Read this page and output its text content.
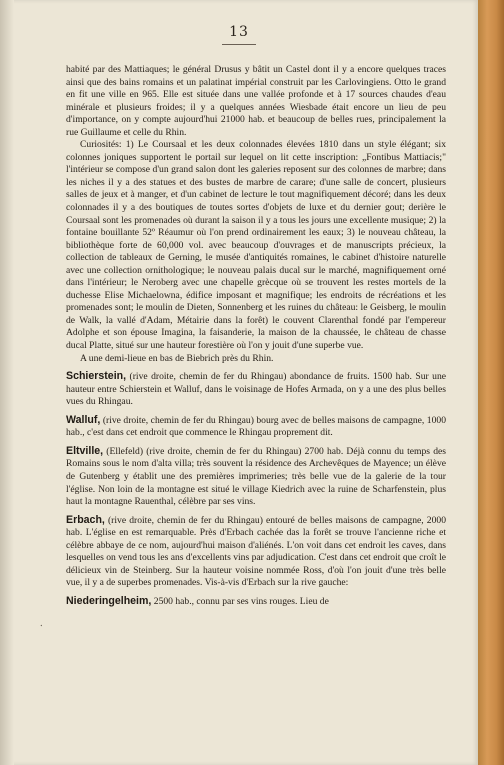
13

habité par des Mattiaques; le général Drusus y bâtit un Castel dont il y a encore quelques traces ainsi que des bains romains et un palatinat impérial construit par les Carlovingiens. Otto le grand en fit une ville en 965. Elle est située dans une vallée profonde et à 17 sources chaudes d'eau minérale et plusieurs froides; il y a quelques années Wiesbade était encore un lieu de peu d'importance, on y compte aujourd'hui 21000 hab. et beaucoup de belles rues, principalement la rue Guillaume et celle du Rhin.

Curiosités: 1) Le Coursaal et les deux colonnades élevées 1810 dans un style élégant; six colonnes joniques supportent le portail sur lequel on lit cette inscription: „Fontibus Mattiacis;" l'intérieur se compose d'un grand salon dont les galeries reposent sur des colonnes de marbre; dans les niches il y a des statues et des bustes de marbre de carare; d'une salle de concert, plusieurs salles de jeux et à manger, et d'un cabinet de lecture le tout magnifiquement décoré; dans les deux colonnades il y a des boutiques de toutes sortes d'objets de luxe et du dernier gout; derière le Coursaal sont les promenades où durant la saison il y a tous les jours une excellente musique; 2) la fontaine bouillante 52º Réaumur où l'on prend ordinairement les eaux; 3) le nouveau château, la bibliothèque forte de 60,000 vol. avec beaucoup d'ouvrages et de manuscripts précieux, la collection de tableaux de Gerning, le musée d'antiquités romaines, le cabinet d'histoire naturelle avec une collection ornithologique; le nouveau palais ducal sur le marché, magnifiquement orné dans l'intérieur; le Neroberg avec une chapelle grècque où se trouvent les restes mortels de la duchesse Elise Michaelowna, édifice imposant et magnifique; les endroits de récréations et les promenades sont; le moulin de Dieten, Sonnenberg et les ruines du château: le Geisberg, le moulin de Walk, la vallé d'Adam, Métairie dans la forêt) le couvent Clarenthal fondé par l'empereur Adolphe et son épouse Imagina, la faisanderie, la maison de la chaussée, le château de chasse ducal Platte, situé sur une hauteur forestière où l'on y jouit d'une superbe vue.

A une demi-lieue en bas de Biebrich près du Rhin.

Schierstein, (rive droite, chemin de fer du Rhingau) abondance de fruits. 1500 hab. Sur une hauteur entre Schierstein et Walluf, dans le voisinage de Hofes Armada, on y a une des plus belles vues du Rhingau.

Walluf, (rive droite, chemin de fer du Rhingau) bourg avec de belles maisons de campagne, 1000 hab., c'est dans cet endroit que commence le Rhingau proprement dit.

Eltville, (Ellefeld) (rive droite, chemin de fer du Rhingau) 2700 hab. Déjà connu du temps des Romains sous le nom d'alta villa; très souvent la résidence des Archevêques de Mayence; un élève de Gutenberg y établit une des premières imprimeries; très belle vue de la galerie de la tour l'église. Non loin de la montagne est situé le village Kiedrich avec la ruine de Scharfenstein, plus haut la montagne Rauenthal, célèbre par ses vins.

Erbach, (rive droite, chemin de fer du Rhingau) entouré de belles maisons de campagne, 2000 hab. L'église en est remarquable. Près d'Erbach cachée das la forêt se trouve l'ancienne riche et célèbre abbaye de ce nom, aujourd'hui maison d'aliénés. L'on voit dans cet endroit les caves, dans lesquelles on vend tous les ans d'excellents vins par adjudication. C'est dans cet endroit que croît le délicieux vin de Steinberg. Sur la hauteur voisine nommée Ross, d'où l'on jouit d'une très belle vue, il y a de superbes promenades. Vis-à-vis d'Erbach sur la rive gauche:

Niederingelheim, 2500 hab., connu par ses vins rouges. Lieu de

⸱
